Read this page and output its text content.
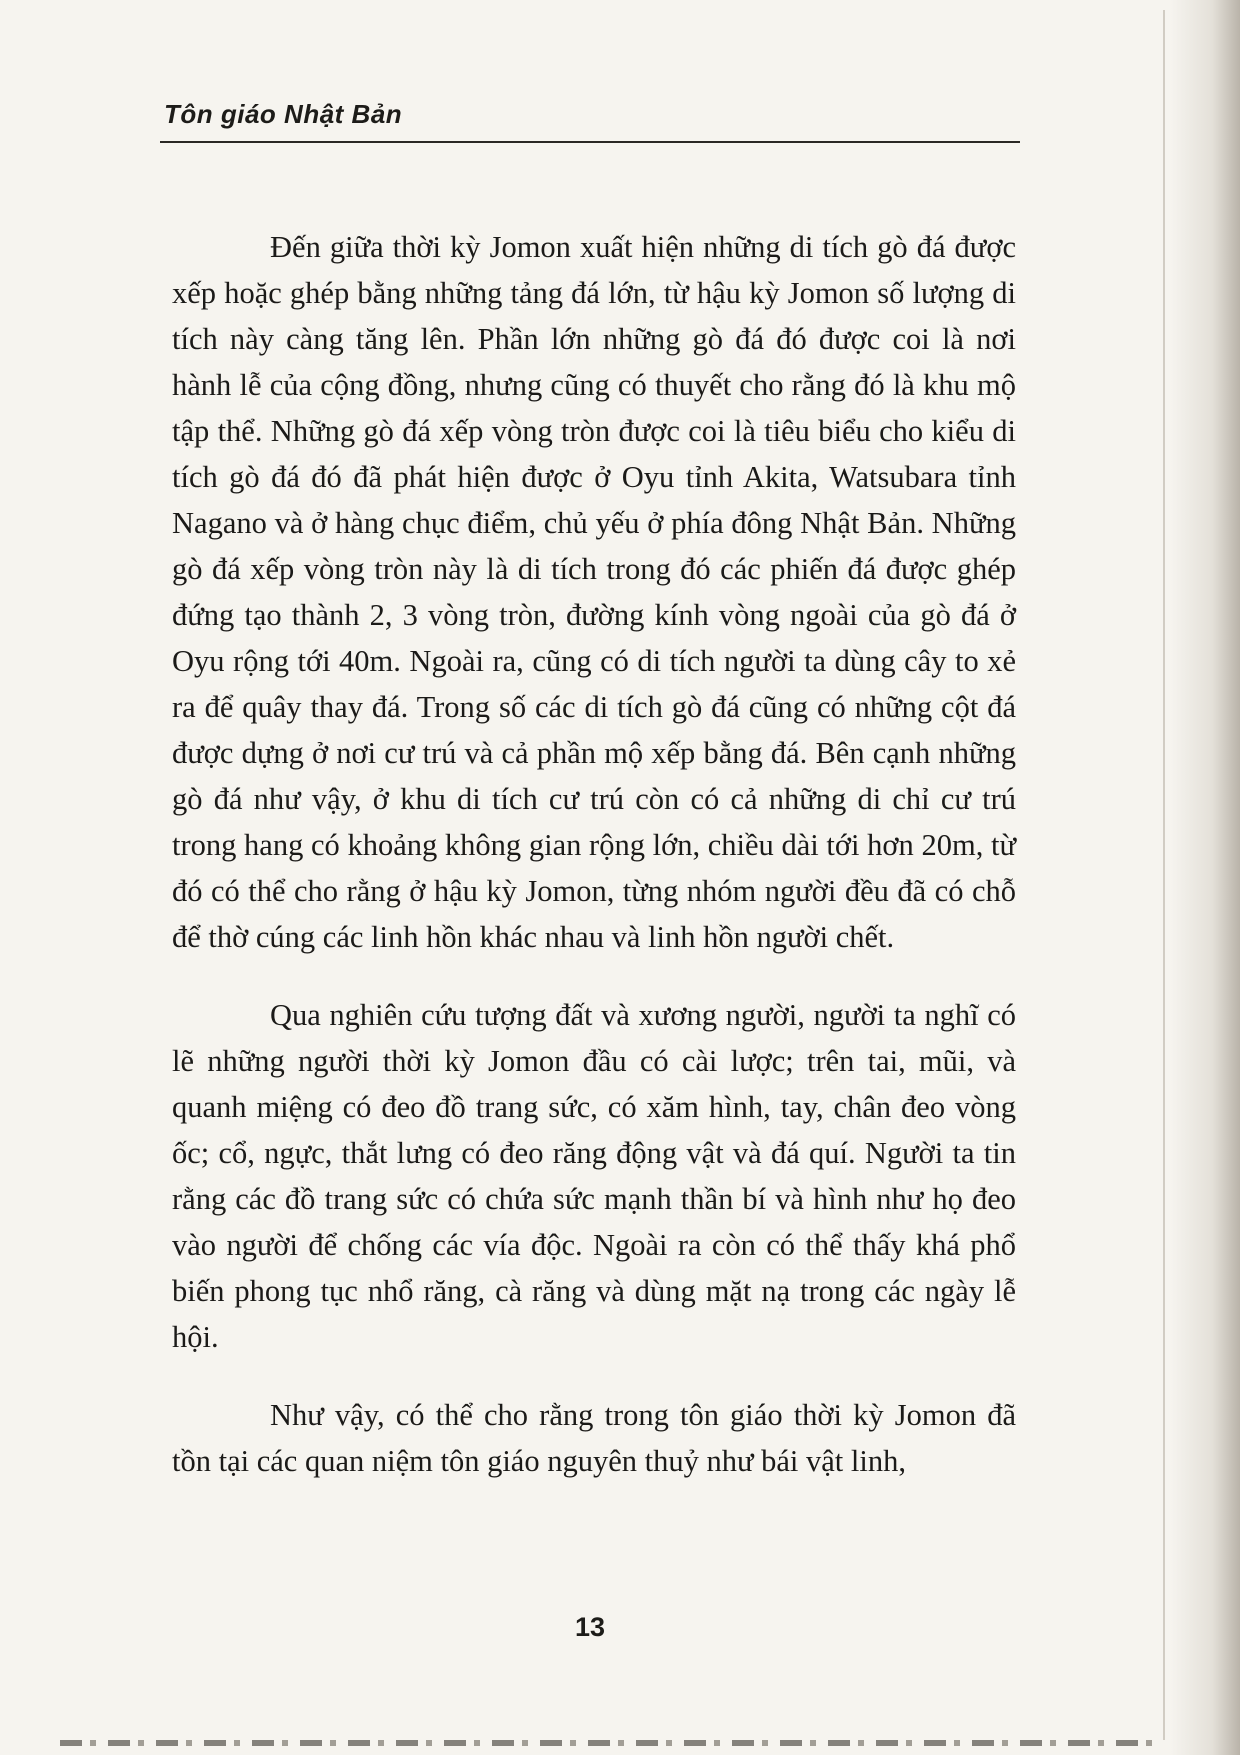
Tôn giáo Nhật Bản

Đến giữa thời kỳ Jomon xuất hiện những di tích gò đá được xếp hoặc ghép bằng những tảng đá lớn, từ hậu kỳ Jomon số lượng di tích này càng tăng lên. Phần lớn những gò đá đó được coi là nơi hành lễ của cộng đồng, nhưng cũng có thuyết cho rằng đó là khu mộ tập thể. Những gò đá xếp vòng tròn được coi là tiêu biểu cho kiểu di tích gò đá đó đã phát hiện được ở Oyu tỉnh Akita, Watsubara tỉnh Nagano và ở hàng chục điểm, chủ yếu ở phía đông Nhật Bản. Những gò đá xếp vòng tròn này là di tích trong đó các phiến đá được ghép đứng tạo thành 2, 3 vòng tròn, đường kính vòng ngoài của gò đá ở Oyu rộng tới 40m. Ngoài ra, cũng có di tích người ta dùng cây to xẻ ra để quây thay đá. Trong số các di tích gò đá cũng có những cột đá được dựng ở nơi cư trú và cả phần mộ xếp bằng đá. Bên cạnh những gò đá như vậy, ở khu di tích cư trú còn có cả những di chỉ cư trú trong hang có khoảng không gian rộng lớn, chiều dài tới hơn 20m, từ đó có thể cho rằng ở hậu kỳ Jomon, từng nhóm người đều đã có chỗ để thờ cúng các linh hồn khác nhau và linh hồn người chết.

Qua nghiên cứu tượng đất và xương người, người ta nghĩ có lẽ những người thời kỳ Jomon đầu có cài lược; trên tai, mũi, và quanh miệng có đeo đồ trang sức, có xăm hình, tay, chân đeo vòng ốc; cổ, ngực, thắt lưng có đeo răng động vật và đá quí. Người ta tin rằng các đồ trang sức có chứa sức mạnh thần bí và hình như họ đeo vào người để chống các vía độc. Ngoài ra còn có thể thấy khá phổ biến phong tục nhổ răng, cà răng và dùng mặt nạ trong các ngày lễ hội.

Như vậy, có thể cho rằng trong tôn giáo thời kỳ Jomon đã tồn tại các quan niệm tôn giáo nguyên thuỷ như bái vật linh,

13
